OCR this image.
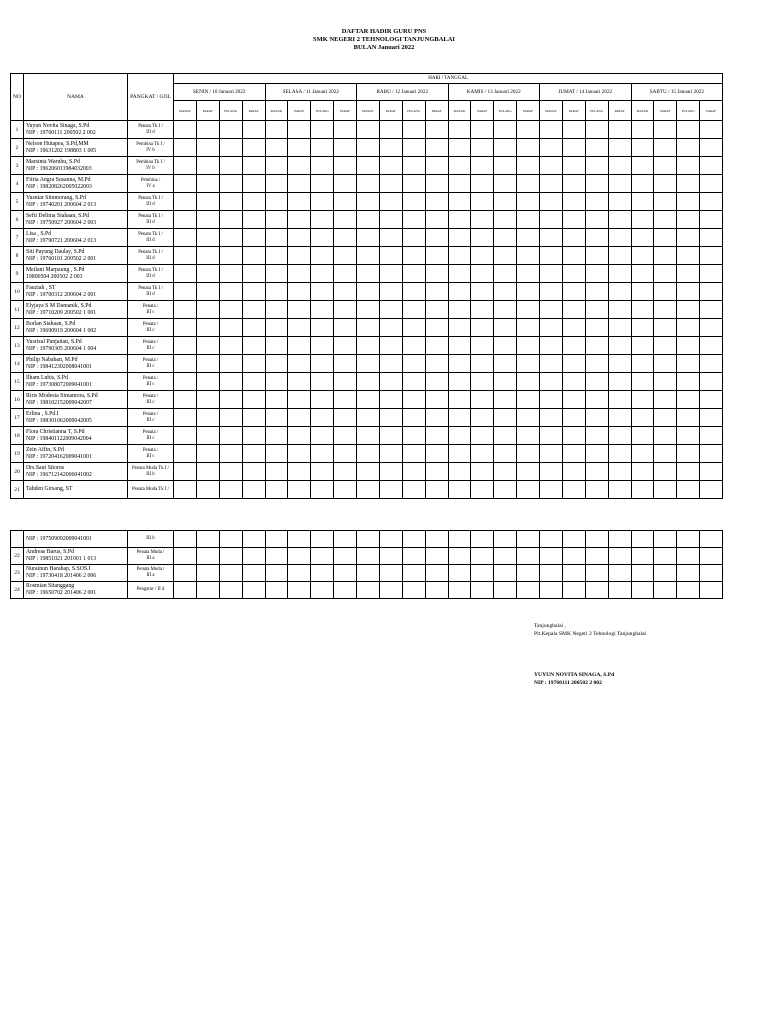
DAFTAR HADIR GURU PNS
SMK NEGERI 2 TEHNOLOGI TANJUNGBALAI
BULAN Januari 2022
NO	NAMA	PANGKAT / GOL	HARI / TANGGAL																							
			SENIN / 10 Januari 2022				SELASA / 11 Januari 2022				RABU / 12 Januari 2022				KAMIS / 13 Januari 2022				JUMAT / 14 Januari 2022				SABTU / 15 Januari 2022			
			MASUK	PARAF	PULANG	PARAF	MASUK	PARAF	PULANG	PARAF	MASUK	PARAF	PULANG	PARAF	MASUK	PARAF	PULANG	PARAF	MASUK	PARAF	PULANG	PARAF	MASUK	PARAF	PULANG	PARAF
1	Yuyun Novita Sinaga, S.Pd
NIP : 19760111 200502 2 002	Penata Tk I /
III d																								

2	Nelson Hutapea, S.Pd,MM
NIP : 19631202 198803 1 005	Pembina Tk I /
IV b																								

3	Marsinta Waruhu, S.Pd
NIP : 196206011984032003	Pembina Tk I /
IV b																								

4	Fitria Angra Susanna, M.Pd
NIP : 198208262005022003	Pembina /
IV a																								

5	Yusniar Situmorang, S.Pd
NIP : 19740201 200604 2 013	Penata Tk I /
III d																								

6	Sefti Delima Siahaan, S.Pd
NIP : 19750927 200604 2 003	Penata Tk I /
III d																								

7	Lisa , S.Pd
NIP : 19790721 200604 2 013	Penata Tk I /
III d																								

8	Siti Payung Daulay, S.Pd
NIP : 19760101 200502 2 001	Penata Tk I /
III d																								

9	Meilani Marpaung , S.Pd
19800504 200502 2 003	Penata Tk I /
III d																								

10	Fauziah , ST
NIP : 19700312 200604 2 001	Penata Tk I /
III d																								

11	Elyjaya S M Damanik, S.Pd
NIP : 19710209 200502 1 001	Penata /
III c																								

12	Borlan Siahaan, S.Pd
NIP : 19690919 200604 1 002	Penata /
III c																								

13	Yusrizal Panjaitan, S.Pd
NIP : 19790305 200604 1 004	Penata /
III c																								

14	Philip Nababan, M.Pd
NIP : 198412302008041001	Penata /
III c																								

15	Ilham Lubis, S.Pd
NIP : 197308072009041001	Penata /
III c																								

16	Riris Modesta Simamora, S.Pd
NIP : 198102152009042007	Penata /
III c																								

17	Erlina , S.Pd.I
NIP : 198301062009042005	Penata /
III c																								

18	Flora Christianna T, S.Pd
NIP : 198401122009042004	Penata /
III c																								

19	Zein Affin, S.Pd
NIP : 197204162009041001	Penata /
III c																								

20	Drs.Saut Sitorus
NIP : 196712142006041002	Penata Muda Tk I /
III b																								

21	Tahden Girsang, ST	Penata Muda Tk I /																								

	NIP : 197509092009041001	III b																								

22	Andreas Barus, S.Pd
NIP : 19851021 201001 1 013	Penata Muda /
III a																								

23	Nurainun Harahap, S.SOS.I
NIP : 19730418 201406 2 006	Penata Muda /
III a																								

24	Rosmian Sitanggang
NIP : 19650702 201406 2 001	Pengatur / II d																								

Tanjungbalai ,
Plt.Kepala SMK Negeri 2 Tehnologi Tanjungbalai
YUYUN NOVITA SINAGA, S.Pd
NIP : 19760111 200502 2 002
